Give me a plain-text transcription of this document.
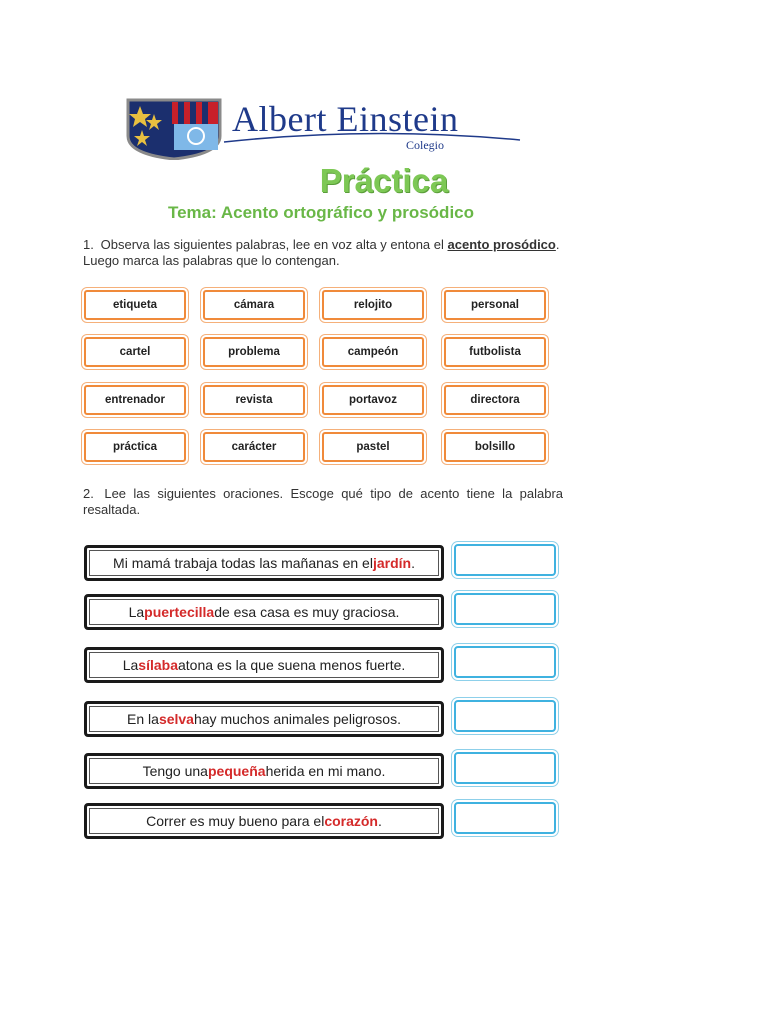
Albert Einstein
Colegio
Práctica
Tema: Acento ortográfico y prosódico
1. Observa las siguientes palabras, lee en voz alta y entona el acento prosódico. Luego marca las palabras que lo contengan.
etiqueta	cámara	relojito	personal
cartel	problema	campeón	futbolista
entrenador	revista	portavoz	directora
práctica	carácter	pastel	bolsillo
2. Lee las siguientes oraciones. Escoge qué tipo de acento tiene la palabra resaltada.
Mi mamá trabaja todas las mañanas en el jardín .
La puertecilla de esa casa es muy graciosa.
La sílaba atona es la que suena menos fuerte.
En la selva hay muchos animales peligrosos.
Tengo una pequeña herida en mi mano.
Correr es muy bueno para el corazón .
